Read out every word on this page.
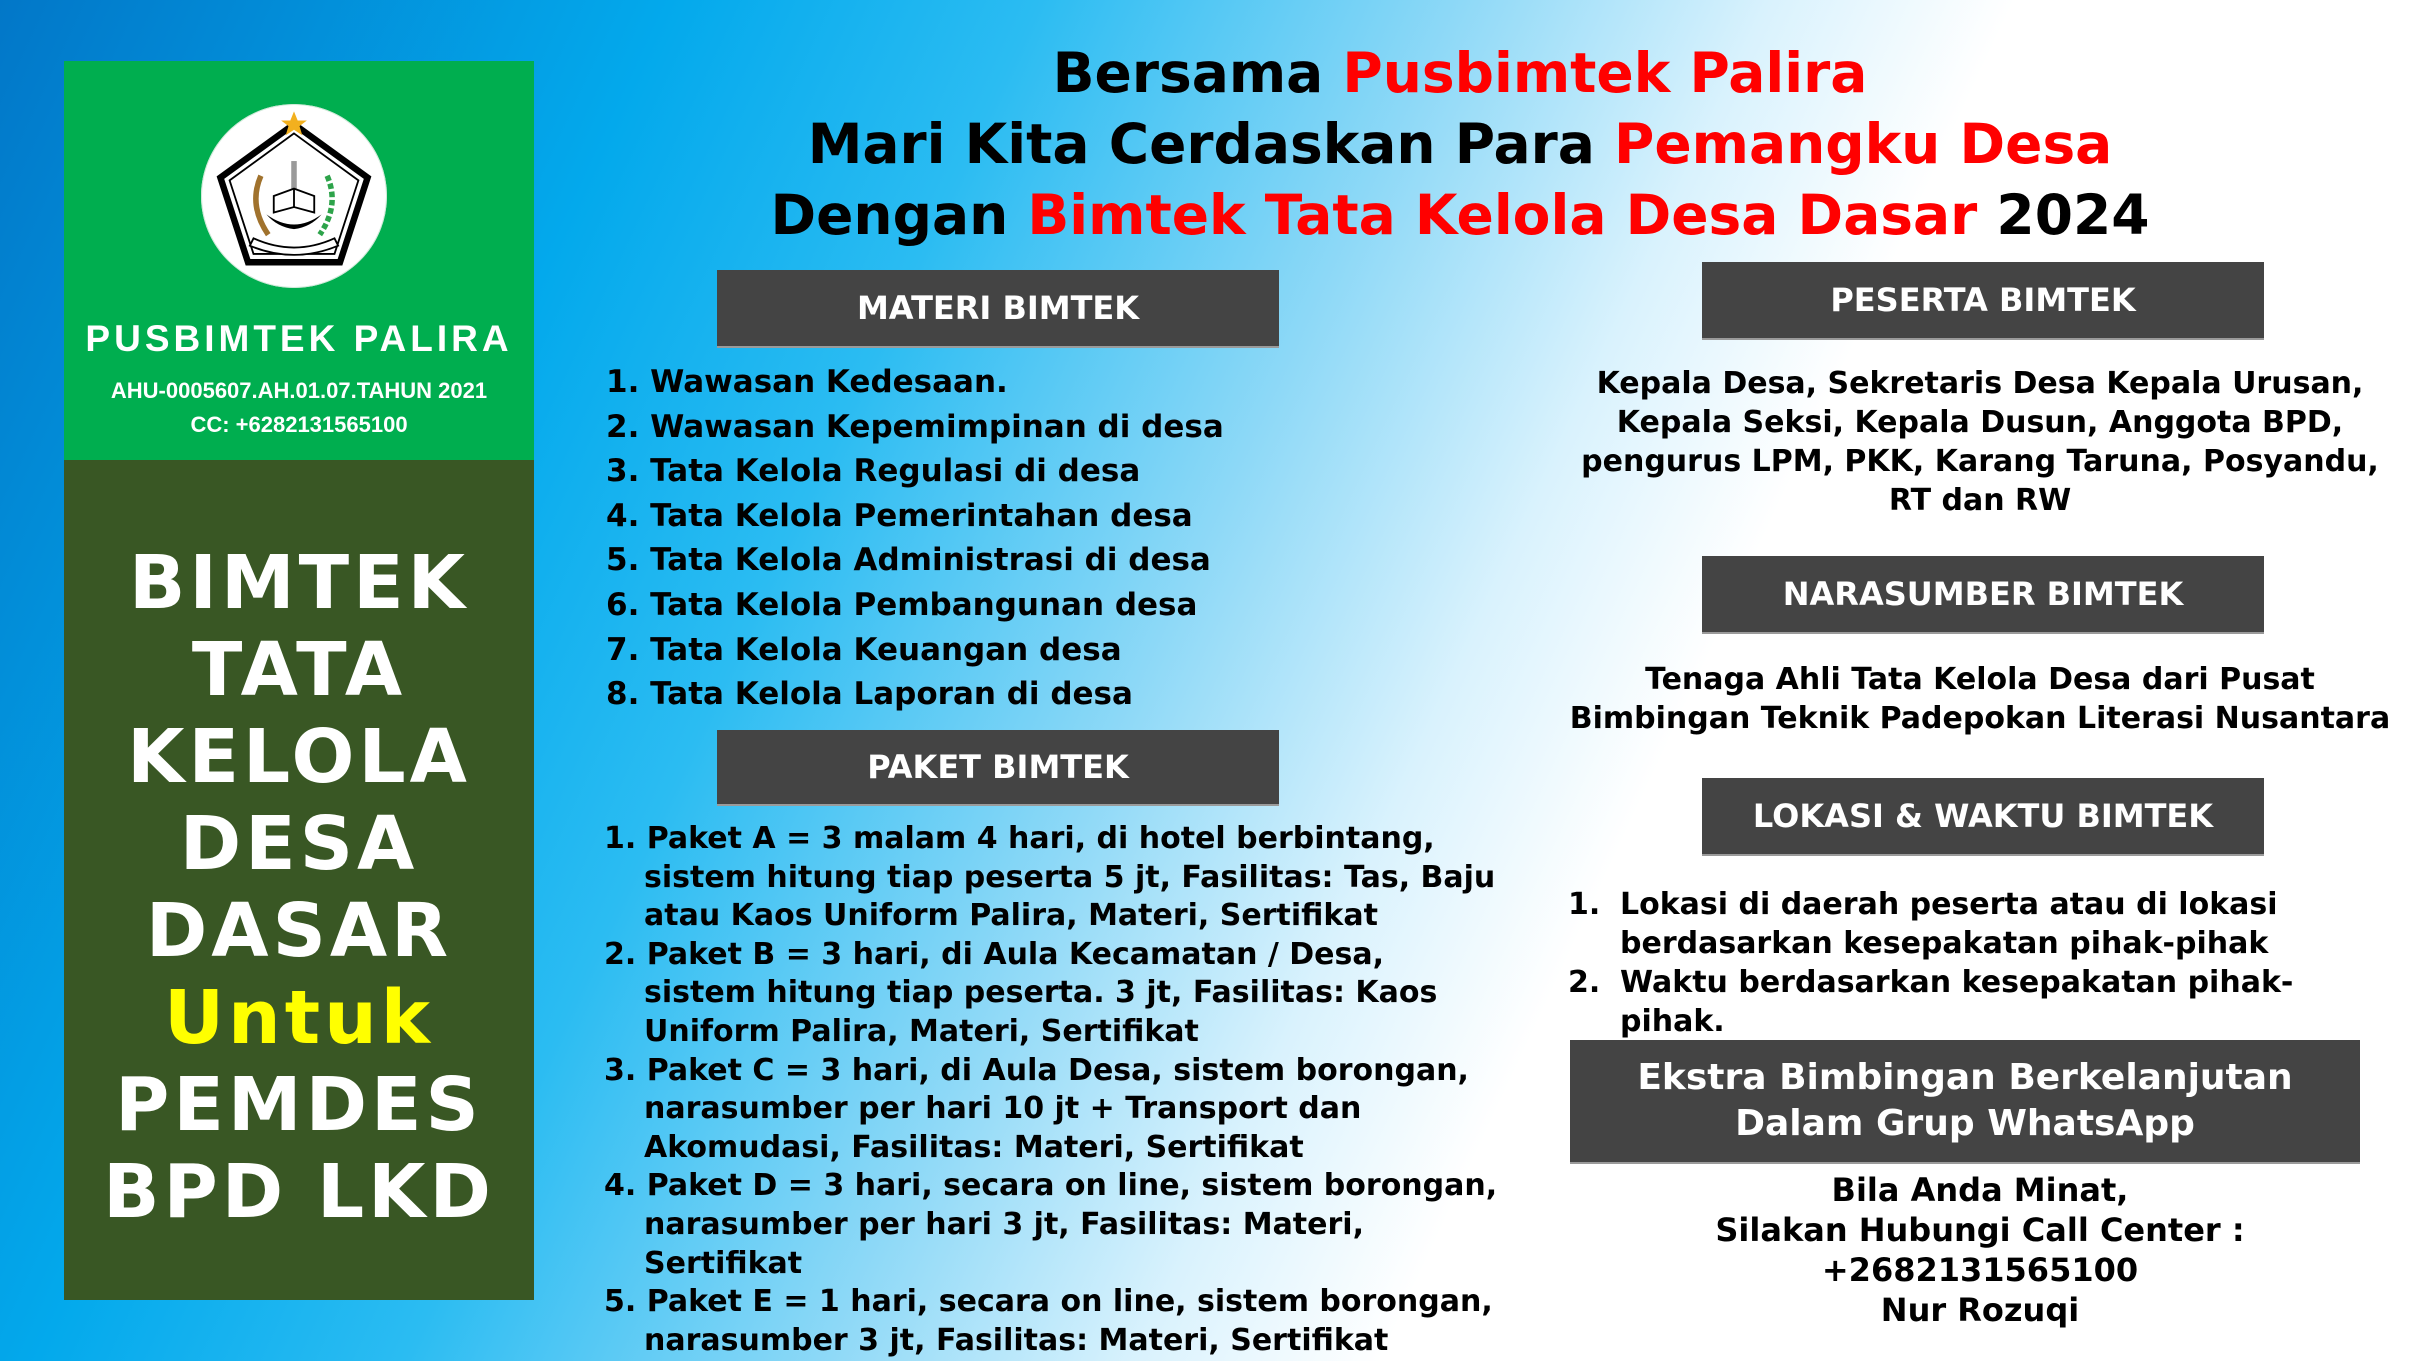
PUSBIMTEK PALIRA
AHU-0005607.AH.01.07.TAHUN 2021
CC: +6282131565100
BIMTEK
TATA
KELOLA
DESA
DASAR
Untuk
PEMDES
BPD LKD
Bersama Pusbimtek Palira
Mari Kita Cerdaskan Para Pemangku Desa
Dengan Bimtek Tata Kelola Desa Dasar 2024
MATERI BIMTEK
1. Wawasan Kedesaan.
2. Wawasan Kepemimpinan di desa
3. Tata Kelola Regulasi di desa
4. Tata Kelola Pemerintahan desa
5. Tata Kelola Administrasi di desa
6. Tata Kelola Pembangunan desa
7. Tata Kelola Keuangan desa
8. Tata Kelola Laporan di desa
PAKET BIMTEK
1. Paket A = 3 malam 4 hari, di hotel berbintang, sistem hitung tiap peserta 5 jt, Fasilitas: Tas, Baju atau Kaos Uniform Palira, Materi, Sertifikat
2. Paket B = 3 hari, di Aula Kecamatan / Desa, sistem hitung tiap peserta. 3 jt, Fasilitas: Kaos Uniform Palira, Materi, Sertifikat
3. Paket C = 3 hari, di Aula Desa, sistem borongan, narasumber per hari 10 jt + Transport dan Akomudasi, Fasilitas: Materi, Sertifikat
4. Paket D = 3 hari, secara on line, sistem borongan, narasumber per hari 3 jt, Fasilitas: Materi, Sertifikat
5. Paket E = 1 hari, secara on line, sistem borongan, narasumber 3 jt, Fasilitas: Materi, Sertifikat
PESERTA BIMTEK
Kepala Desa, Sekretaris Desa Kepala Urusan,
Kepala Seksi, Kepala Dusun, Anggota BPD,
pengurus LPM, PKK, Karang Taruna, Posyandu,
RT dan RW
NARASUMBER BIMTEK
Tenaga Ahli Tata Kelola Desa dari Pusat
Bimbingan Teknik Padepokan Literasi Nusantara
LOKASI & WAKTU BIMTEK
1. Lokasi di daerah peserta atau di lokasi berdasarkan kesepakatan pihak-pihak
2. Waktu berdasarkan kesepakatan pihak-pihak.
Ekstra Bimbingan Berkelanjutan
Dalam Grup WhatsApp
Bila Anda Minat,
Silakan Hubungi Call Center : +2682131565100
Nur Rozuqi
